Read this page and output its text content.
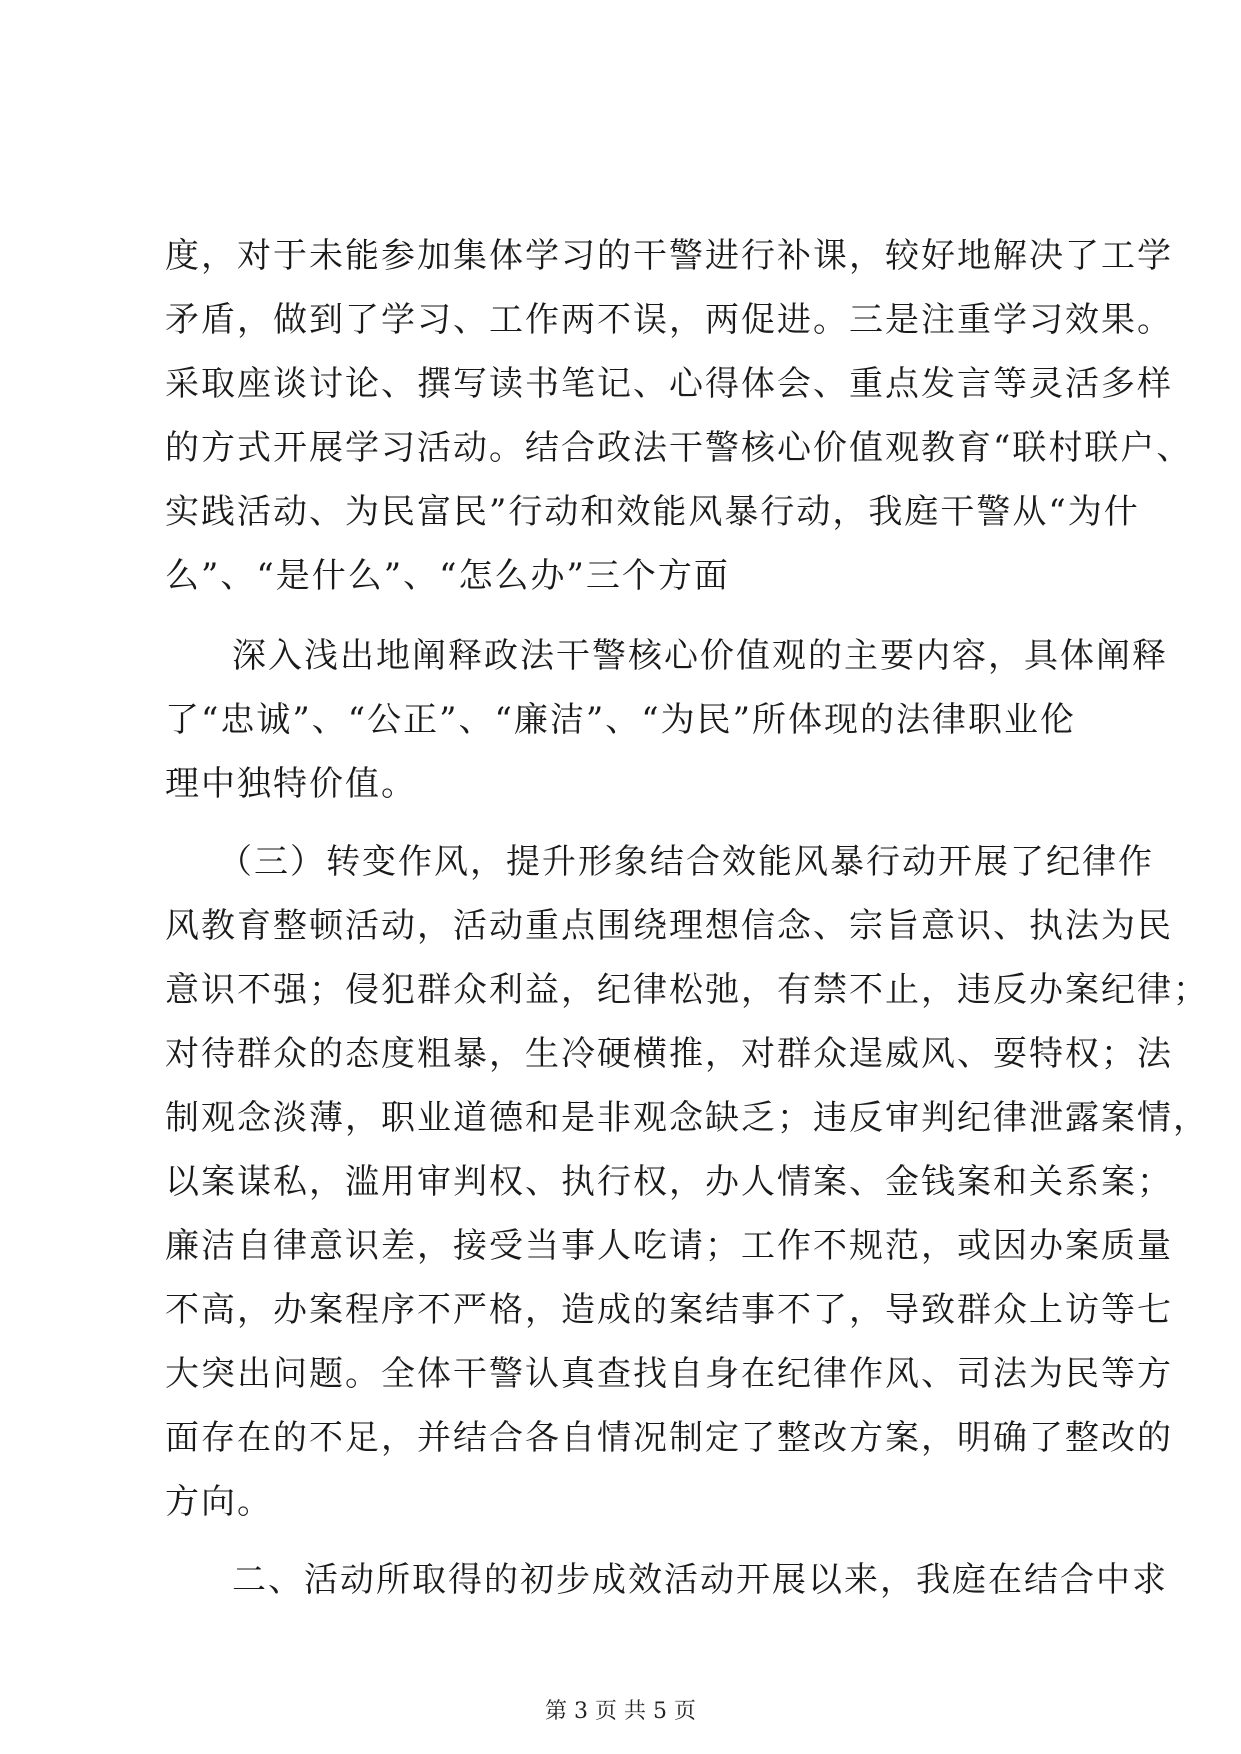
度，对于未能参加集体学习的干警进行补课，较好地解决了工学
矛盾，做到了学习、工作两不误，两促进。三是注重学习效果。
采取座谈讨论、撰写读书笔记、心得体会、重点发言等灵活多样
的方式开展学习活动。结合政法干警核心价值观教育“联村联户、
实践活动、为民富民”行动和效能风暴行动，我庭干警从“为什
么”、“是什么”、“怎么办”三个方面
深入浅出地阐释政法干警核心价值观的主要内容，具体阐释
了“忠诚”、“公正”、“廉洁”、“为民”所体现的法律职业伦
理中独特价值。
（三）转变作风，提升形象结合效能风暴行动开展了纪律作
风教育整顿活动，活动重点围绕理想信念、宗旨意识、执法为民
意识不强；侵犯群众利益，纪律松弛，有禁不止，违反办案纪律；
对待群众的态度粗暴，生冷硬横推，对群众逞威风、耍特权；法
制观念淡薄，职业道德和是非观念缺乏；违反审判纪律泄露案情，
以案谋私，滥用审判权、执行权，办人情案、金钱案和关系案；
廉洁自律意识差，接受当事人吃请；工作不规范，或因办案质量
不高，办案程序不严格，造成的案结事不了，导致群众上访等七
大突出问题。全体干警认真查找自身在纪律作风、司法为民等方
面存在的不足，并结合各自情况制定了整改方案，明确了整改的
方向。
二、活动所取得的初步成效活动开展以来，我庭在结合中求
第 3 页 共 5 页
